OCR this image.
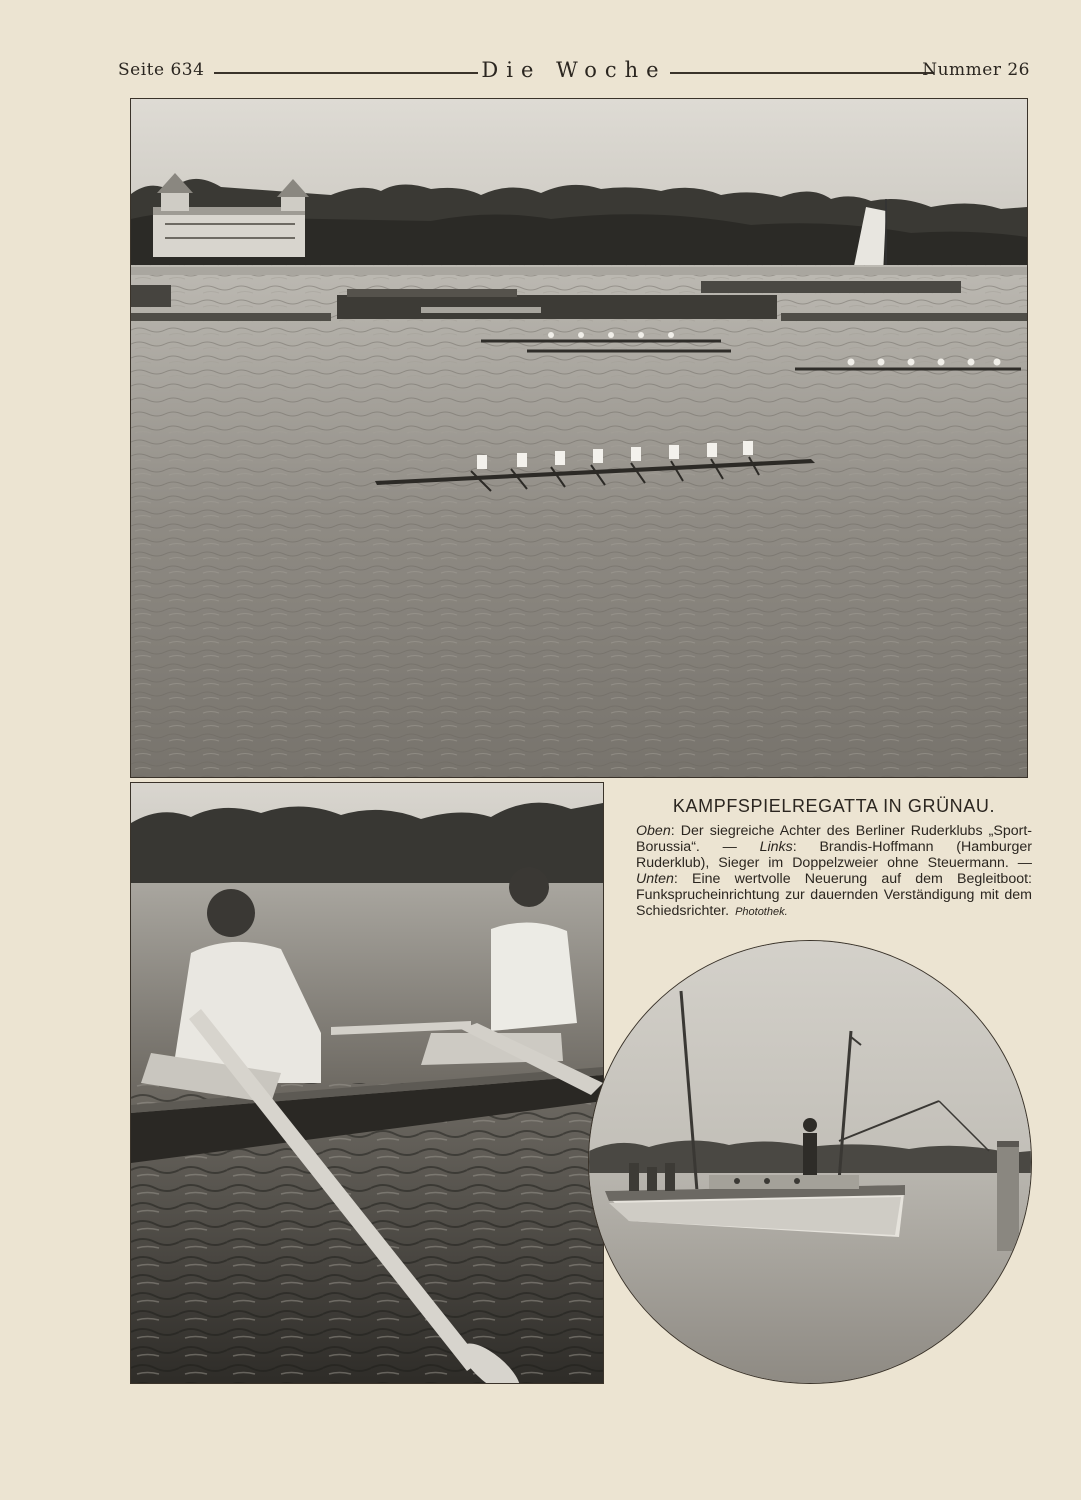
Seite 634	Die Woche	Nummer 26
KAMPFSPIELREGATTA IN GRÜNAU.
Oben: Der siegreiche Achter des Berliner Ruderklubs „Sport-Borussia“. — Links: Brandis-Hoffmann (Hamburger Ruderklub), Sieger im Doppelzweier ohne Steuermann. — Unten: Eine wertvolle Neuerung auf dem Begleitboot: Funksprucheinrichtung zur dauernden Verständigung mit dem Schiedsrichter. Photothek.
